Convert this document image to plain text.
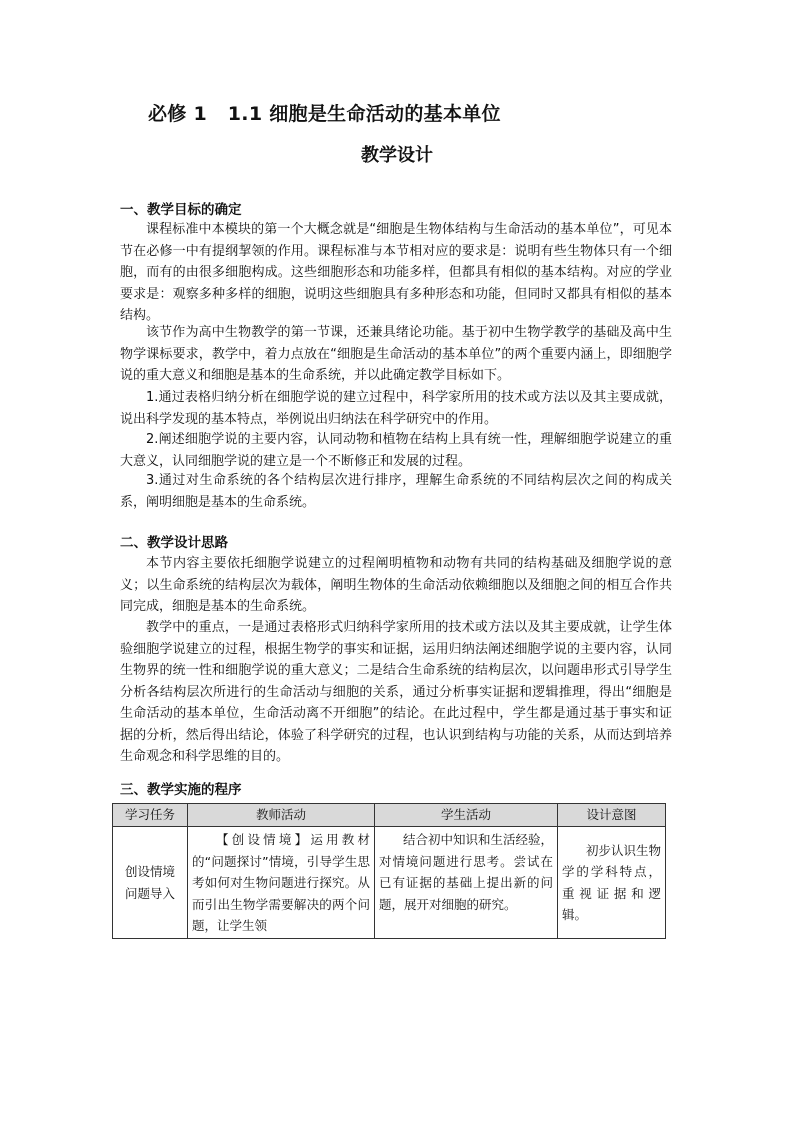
必修 1   1.1 细胞是生命活动的基本单位
教学设计
一、教学目标的确定

课程标准中本模块的第一个大概念就是“细胞是生物体结构与生命活动的基本单位”，可见本节在必修一中有提纲挈领的作用。课程标准与本节相对应的要求是：说明有些生物体只有一个细胞，而有的由很多细胞构成。这些细胞形态和功能多样，但都具有相似的基本结构。对应的学业要求是：观察多种多样的细胞，说明这些细胞具有多种形态和功能，但同时又都具有相似的基本结构。

该节作为高中生物教学的第一节课，还兼具绪论功能。基于初中生物学教学的基础及高中生物学课标要求，教学中，着力点放在“细胞是生命活动的基本单位”的两个重要内涵上，即细胞学说的重大意义和细胞是基本的生命系统，并以此确定教学目标如下。

1.通过表格归纳分析在细胞学说的建立过程中，科学家所用的技术或方法以及其主要成就，说出科学发现的基本特点，举例说出归纳法在科学研究中的作用。

2.阐述细胞学说的主要内容，认同动物和植物在结构上具有统一性，理解细胞学说建立的重大意义，认同细胞学说的建立是一个不断修正和发展的过程。

3.通过对生命系统的各个结构层次进行排序，理解生命系统的不同结构层次之间的构成关系，阐明细胞是基本的生命系统。

二、教学设计思路

本节内容主要依托细胞学说建立的过程阐明植物和动物有共同的结构基础及细胞学说的意义；以生命系统的结构层次为载体，阐明生物体的生命活动依赖细胞以及细胞之间的相互合作共同完成，细胞是基本的生命系统。

教学中的重点，一是通过表格形式归纳科学家所用的技术或方法以及其主要成就，让学生体验细胞学说建立的过程，根据生物学的事实和证据，运用归纳法阐述细胞学说的主要内容，认同生物界的统一性和细胞学说的重大意义；二是结合生命系统的结构层次，以问题串形式引导学生分析各结构层次所进行的生命活动与细胞的关系，通过分析事实证据和逻辑推理，得出“细胞是生命活动的基本单位，生命活动离不开细胞”的结论。在此过程中，学生都是通过基于事实和证据的分析，然后得出结论，体验了科学研究的过程，也认识到结构与功能的关系，从而达到培养生命观念和科学思维的目的。

三、教学实施的程序
学习任务	教师活动	学生活动	设计意图
创设情境
问题导入	【创设情境】运用教材的“问题探讨”情境，引导学生思考如何对生物问题进行探究。从而引出生物学需要解决的两个问题，让学生领	结合初中知识和生活经验，对情境问题进行思考。尝试在已有证据的基础上提出新的问题，展开对细胞的研究。	初步认识生物学的学科特点，重视证据和逻辑。
